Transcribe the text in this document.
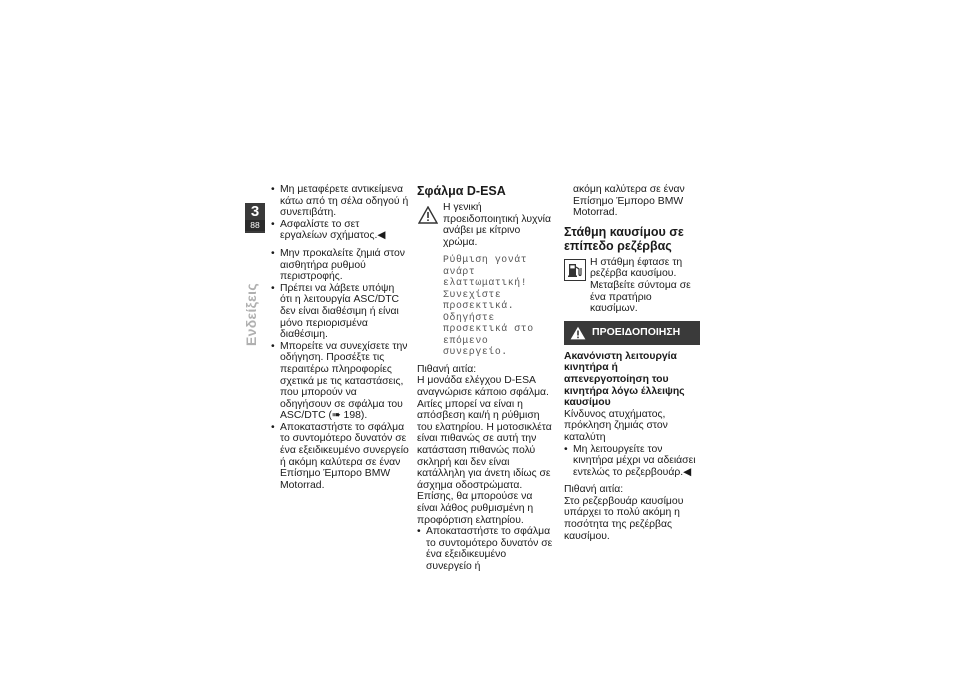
3
88
Ενδείξεις
• Μη μεταφέρετε αντικείμενα κάτω από τη σέλα οδηγού ή συνεπιβάτη.
• Ασφαλίστε το σετ εργαλείων σχήματος.◀
• Μην προκαλείτε ζημιά στον αισθητήρα ρυθμού περιστροφής.
• Πρέπει να λάβετε υπόψη ότι η λειτουργία ASC/DTC δεν είναι διαθέσιμη ή είναι μόνο περιορισμένα διαθέσιμη.
• Μπορείτε να συνεχίσετε την οδήγηση. Προσέξτε τις περαιτέρω πληροφορίες σχετικά με τις καταστάσεις, που μπορούν να οδηγήσουν σε σφάλμα του ASC/DTC (➠ 198).
• Αποκαταστήστε το σφάλμα το συντομότερο δυνατόν σε ένα εξειδικευμένο συνεργείο ή ακόμη καλύτερα σε έναν Επίσημο Έμπορο BMW Motorrad.
Σφάλμα D-ESA

Η γενική προειδοποιητική λυχνία ανάβει με κίτρινο χρώμα.

Ρύθμιση γονάτ ανάρτ ελαττωματική! Συνεχίστε προσεκτικά. Οδηγήστε προσεκτικά στο επόμενο συνεργείο.

Πιθανή αιτία:

Η μονάδα ελέγχου D-ESA αναγνώρισε κάποιο σφάλμα. Αιτίες μπορεί να είναι η απόσβεση και/ή η ρύθμιση του ελατηρίου. Η μοτοσικλέτα είναι πιθανώς σε αυτή την κατάσταση πιθανώς πολύ σκληρή και δεν είναι κατάλληλη για άνετη ιδίως σε άσχημα οδοστρώματα. Επίσης, θα μπορούσε να είναι λάθος ρυθμισμένη η προφόρτιση ελατηρίου.

• Αποκαταστήστε το σφάλμα το συντομότερο δυνατόν σε ένα εξειδικευμένο συνεργείο ή

ακόμη καλύτερα σε έναν Επίσημο Έμπορο BMW Motorrad.

Στάθμη καυσίμου σε επίπεδο ρεζέρβας

Η στάθμη έφτασε τη ρεζέρβα καυσίμου. Μεταβείτε σύντομα σε ένα πρατήριο καυσίμων.

ΠΡΟΕΙΔΟΠΟΙΗΣΗ

Ακανόνιστη λειτουργία κινητήρα ή απενεργοποίηση του κινητήρα λόγω έλλειψης καυσίμου

Κίνδυνος ατυχήματος, πρόκληση ζημιάς στον καταλύτη

• Μη λειτουργείτε τον κινητήρα μέχρι να αδειάσει εντελώς το ρεζερβουάρ.◀

Πιθανή αιτία:

Στο ρεζερβουάρ καυσίμου υπάρχει το πολύ ακόμη η ποσότητα της ρεζέρβας καυσίμου.
